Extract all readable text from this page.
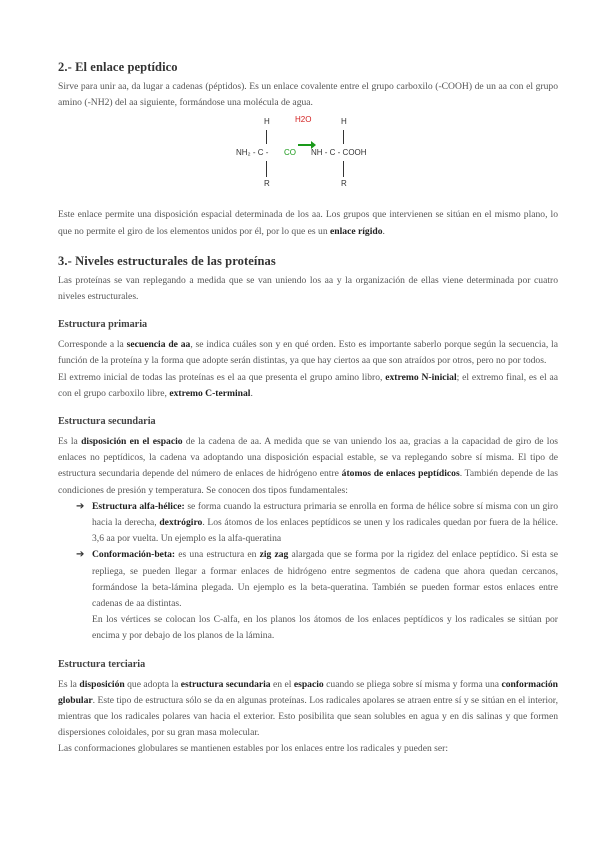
2.- El enlace peptídico

Sirve para unir aa, da lugar a cadenas (péptidos). Es un enlace covalente entre el grupo carboxilo (-COOH) de un aa con el grupo amino (-NH2) del aa siguiente, formándose una molécula de agua.

H	H2O	H
NH₂ - C - CO NH - C - COOH
R	R

Este enlace permite una disposición espacial determinada de los aa. Los grupos que intervienen se sitúan en el mismo plano, lo que no permite el giro de los elementos unidos por él, por lo que es un enlace rígido.

3.- Niveles estructurales de las proteínas

Las proteínas se van replegando a medida que se van uniendo los aa y la organización de ellas viene determinada por cuatro niveles estructurales.

Estructura primaria

Corresponde a la secuencia de aa, se indica cuáles son y en qué orden. Esto es importante saberlo porque según la secuencia, la función de la proteína y la forma que adopte serán distintas, ya que hay ciertos aa que son atraídos por otros, pero no por todos.

El extremo inicial de todas las proteínas es el aa que presenta el grupo amino libro, extremo N-inicial; el extremo final, es el aa con el grupo carboxilo libre, extremo C-terminal.

Estructura secundaria

Es la disposición en el espacio de la cadena de aa. A medida que se van uniendo los aa, gracias a la capacidad de giro de los enlaces no peptídicos, la cadena va adoptando una disposición espacial estable, se va replegando sobre sí misma. El tipo de estructura secundaria depende del número de enlaces de hidrógeno entre átomos de enlaces peptídicos. También depende de las condiciones de presión y temperatura. Se conocen dos tipos fundamentales:

➔ Estructura alfa-hélice: se forma cuando la estructura primaria se enrolla en forma de hélice sobre sí misma con un giro hacia la derecha, dextrógiro. Los átomos de los enlaces peptídicos se unen y los radicales quedan por fuera de la hélice. 3,6 aa por vuelta. Un ejemplo es la alfa-queratina
➔ Conformación-beta: es una estructura en zig zag alargada que se forma por la rigidez del enlace peptídico. Si esta se repliega, se pueden llegar a formar enlaces de hidrógeno entre segmentos de cadena que ahora quedan cercanos, formándose la beta-lámina plegada. Un ejemplo es la beta-queratina. También se pueden formar estos enlaces entre cadenas de aa distintas.

En los vértices se colocan los C-alfa, en los planos los átomos de los enlaces peptídicos y los radicales se sitúan por encima y por debajo de los planos de la lámina.

Estructura terciaria

Es la disposición que adopta la estructura secundaria en el espacio cuando se pliega sobre sí misma y forma una conformación globular. Este tipo de estructura sólo se da en algunas proteínas. Los radicales apolares se atraen entre sí y se sitúan en el interior, mientras que los radicales polares van hacia el exterior. Esto posibilita que sean solubles en agua y en dis salinas y que formen dispersiones coloidales, por su gran masa molecular.

Las conformaciones globulares se mantienen estables por los enlaces entre los radicales y pueden ser:
